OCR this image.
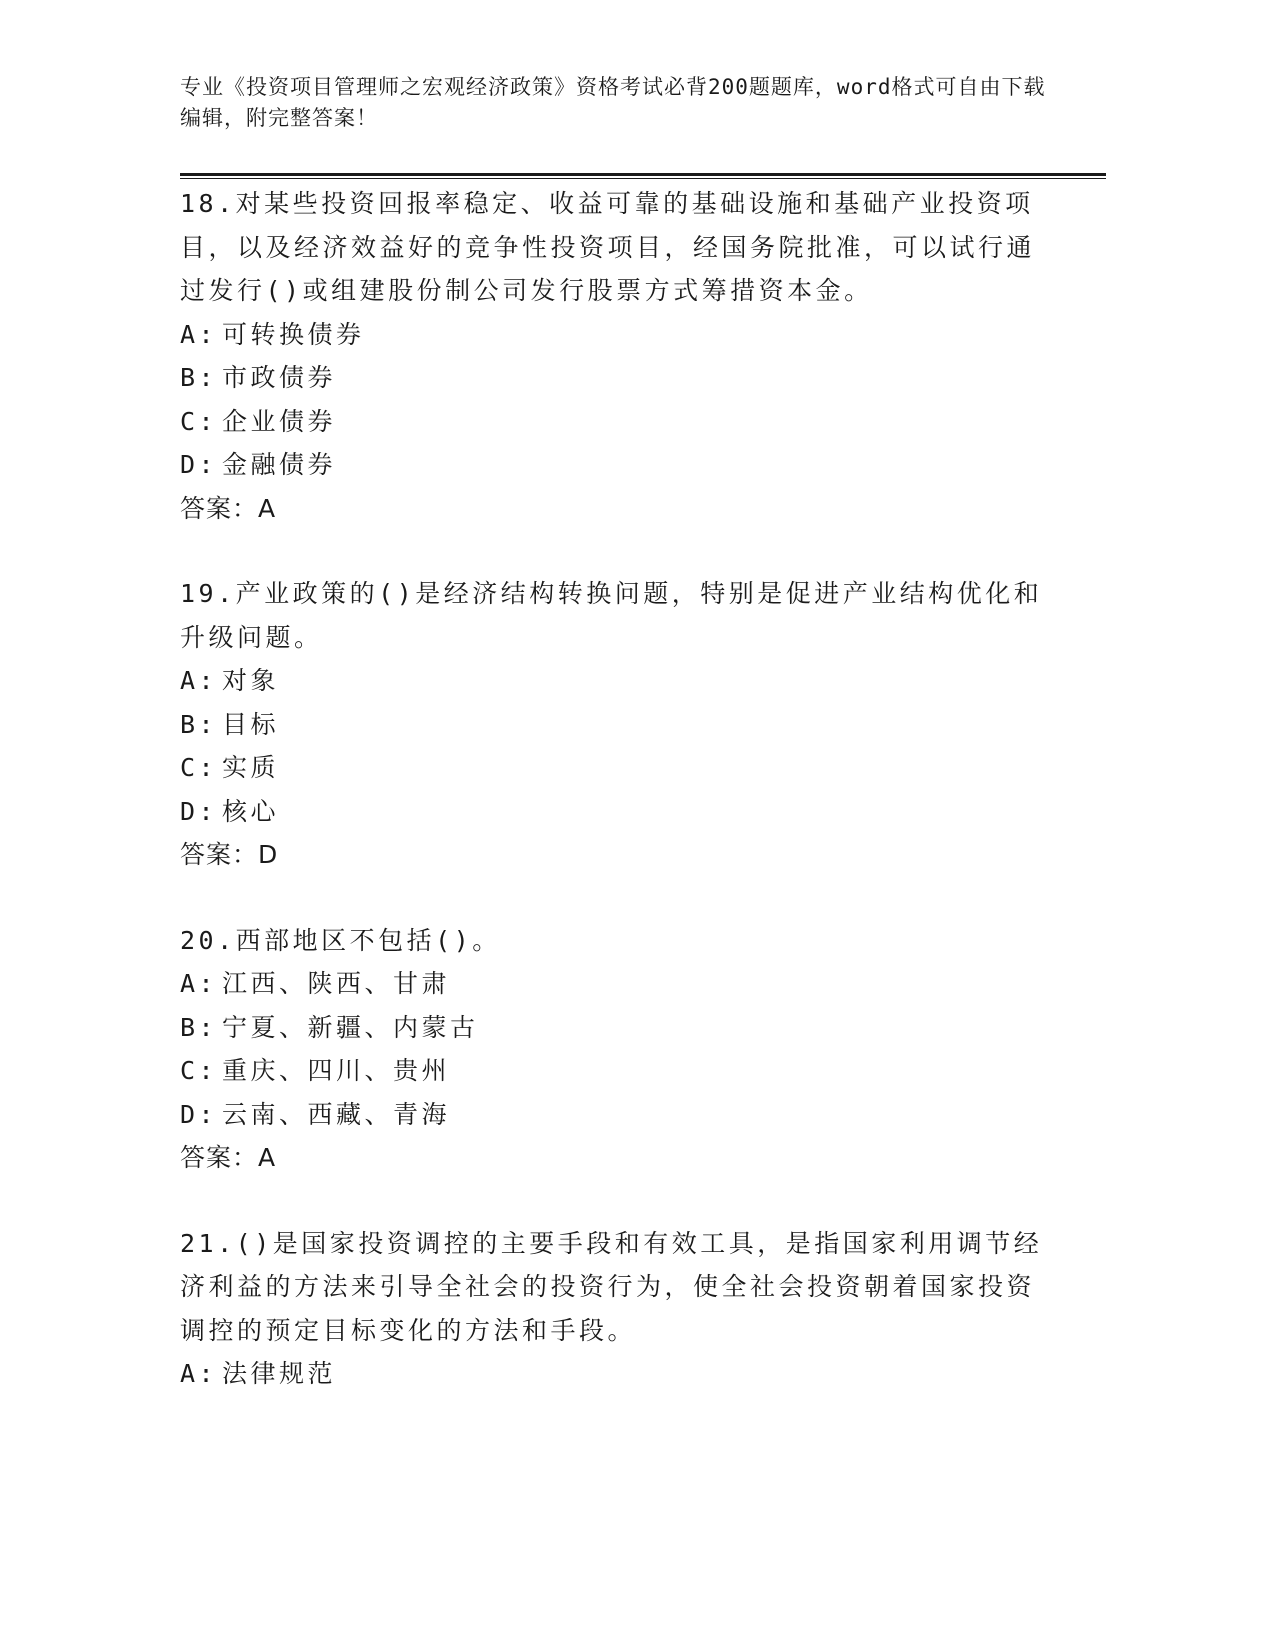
专业《投资项目管理师之宏观经济政策》资格考试必背200题题库，word格式可自由下载编辑，附完整答案！
18.对某些投资回报率稳定、收益可靠的基础设施和基础产业投资项目，以及经济效益好的竞争性投资项目，经国务院批准，可以试行通过发行()或组建股份制公司发行股票方式筹措资本金。
A: 可转换债券
B: 市政债券
C: 企业债券
D: 金融债券
答案：A
19.产业政策的()是经济结构转换问题，特别是促进产业结构优化和升级问题。
A: 对象
B: 目标
C: 实质
D: 核心
答案：D
20.西部地区不包括()。
A: 江西、陕西、甘肃
B: 宁夏、新疆、内蒙古
C: 重庆、四川、贵州
D: 云南、西藏、青海
答案：A
21.()是国家投资调控的主要手段和有效工具，是指国家利用调节经济利益的方法来引导全社会的投资行为，使全社会投资朝着国家投资调控的预定目标变化的方法和手段。
A: 法律规范
